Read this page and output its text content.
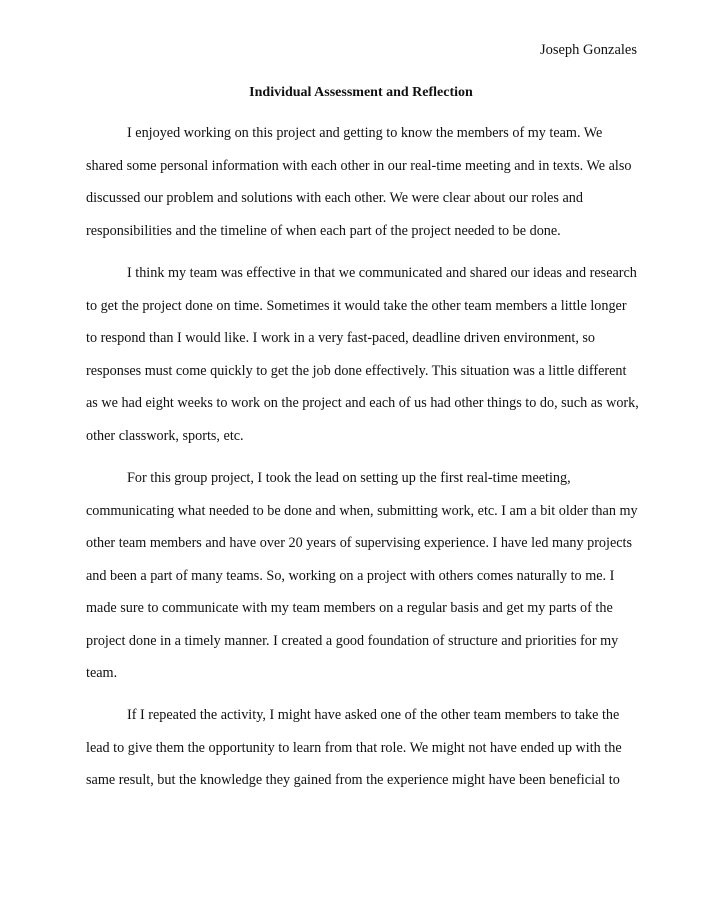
Joseph Gonzales
Individual Assessment and Reflection
I enjoyed working on this project and getting to know the members of my team. We
shared some personal information with each other in our real-time meeting and in texts. We also
discussed our problem and solutions with each other. We were clear about our roles and
responsibilities and the timeline of when each part of the project needed to be done.
I think my team was effective in that we communicated and shared our ideas and research
to get the project done on time. Sometimes it would take the other team members a little longer
to respond than I would like. I work in a very fast-paced, deadline driven environment, so
responses must come quickly to get the job done effectively. This situation was a little different
as we had eight weeks to work on the project and each of us had other things to do, such as work,
other classwork, sports, etc.
For this group project, I took the lead on setting up the first real-time meeting,
communicating what needed to be done and when, submitting work, etc. I am a bit older than my
other team members and have over 20 years of supervising experience. I have led many projects
and been a part of many teams. So, working on a project with others comes naturally to me. I
made sure to communicate with my team members on a regular basis and get my parts of the
project done in a timely manner. I created a good foundation of structure and priorities for my
team.
If I repeated the activity, I might have asked one of the other team members to take the
lead to give them the opportunity to learn from that role. We might not have ended up with the
same result, but the knowledge they gained from the experience might have been beneficial to
